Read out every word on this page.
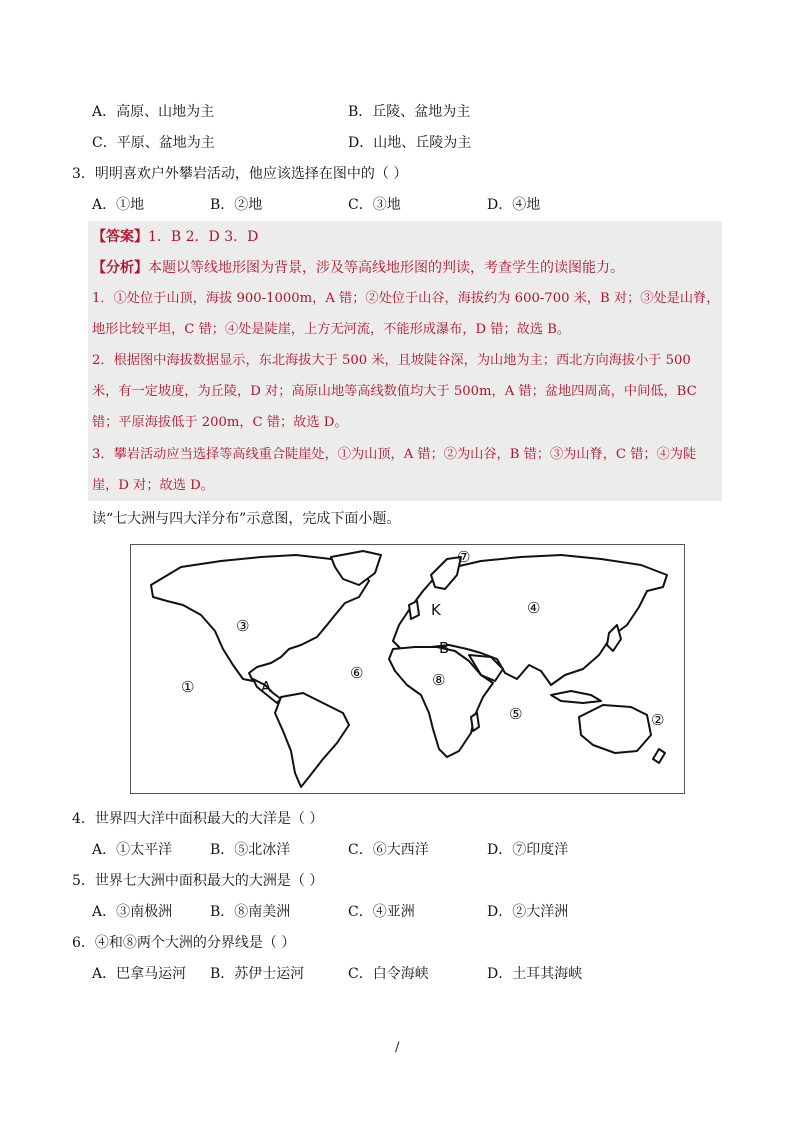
A．高原、山地为主	B．丘陵、盆地为主
C．平原、盆地为主	D．山地、丘陵为主
3．明明喜欢户外攀岩活动，他应该选择在图中的（ ）
A．①地	B．②地	C．③地	D．④地
【答案】1．B 2．D 3．D
【分析】本题以等线地形图为背景，涉及等高线地形图的判读，考查学生的读图能力。
1．①处位于山顶，海拔 900-1000m，A 错；②处位于山谷，海拔约为 600-700 米，B 对；③处是山脊，
地形比较平坦，C 错；④处是陡崖，上方无河流，不能形成瀑布，D 错；故选 B。
2．根据图中海拔数据显示，东北海拔大于 500 米，且坡陡谷深，为山地为主；西北方向海拔小于 500
米，有一定坡度，为丘陵，D 对；高原山地等高线数值均大于 500m，A 错；盆地四周高，中间低，BC
错；平原海拔低于 200m，C 错；故选 D。
3．攀岩活动应当选择等高线重合陡崖处，①为山顶，A 错；②为山谷，B 错；③为山脊，C 错；④为陡
崖，D 对；故选 D。
读“七大洲与四大洋分布”示意图，完成下面小题。
①
②
③
④
⑤
⑥
⑦
⑧
A
B
K
4．世界四大洋中面积最大的大洋是（ ）
A．①太平洋	B．⑤北冰洋	C．⑥大西洋	D．⑦印度洋
5．世界七大洲中面积最大的大洲是（ ）
A．③南极洲	B．⑧南美洲	C．④亚洲	D．②大洋洲
6．④和⑧两个大洲的分界线是（ ）
A．巴拿马运河 B．苏伊士运河	C．白令海峡	D．土耳其海峡
/
